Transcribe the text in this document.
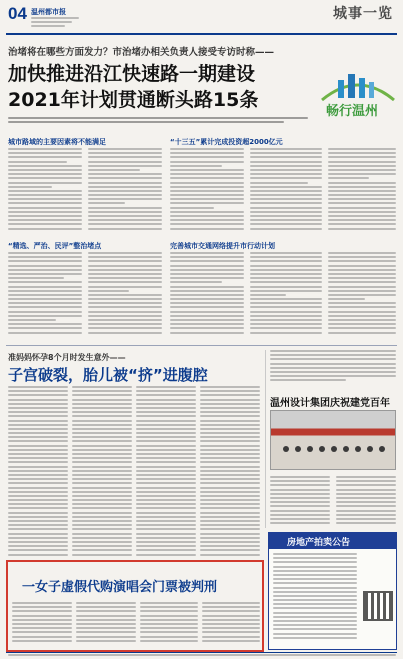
04 温州都市报	城事一览
治堵将在哪些方面发力？市治堵办相关负责人接受专访时称——
加快推进沿江快速路一期建设
2021年计划贯通断头路15条
畅行温州
城市路域的主要因素将不能满足
“精选、严治、民评”整治堵点
“十三五”累计完成投资超2000亿元
完善城市交通网络提升市行动计划
准妈妈怀孕8个月时发生意外——
子宫破裂，胎儿被“挤”进腹腔
温州设计集团庆祝建党百年
一女子虚假代购演唱会门票被判刑
房地产拍卖公告
